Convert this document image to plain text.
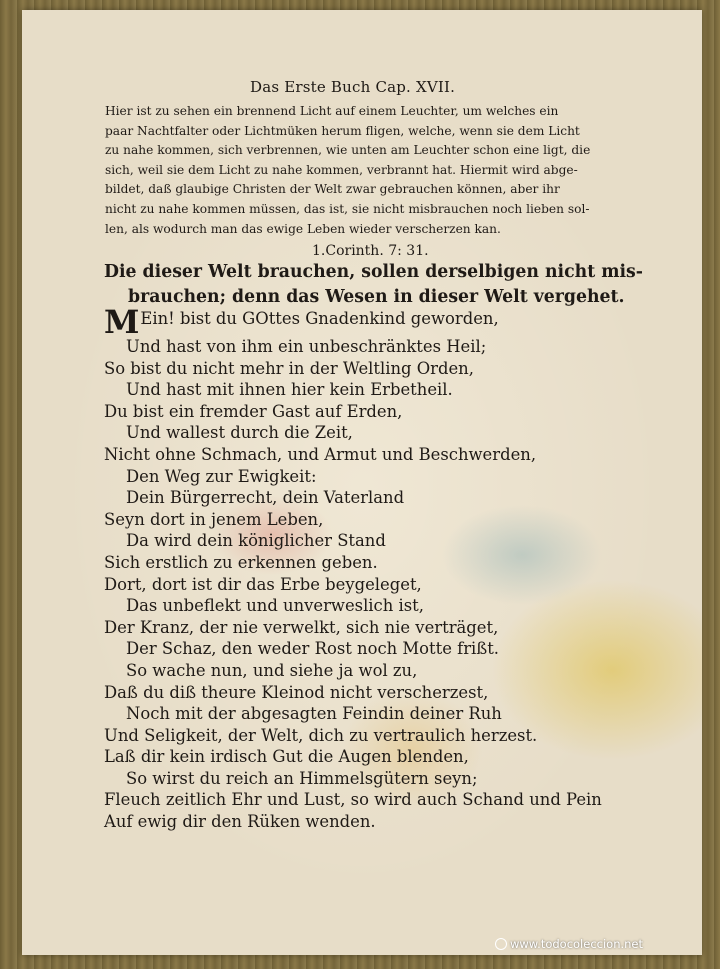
Das Erste Buch Cap. XVII.
Hier ist zu sehen ein brennend Licht auf einem Leuchter, um welches ein
paar Nachtfalter oder Lichtmüken herum fligen, welche, wenn sie dem Licht
zu nahe kommen, sich verbrennen, wie unten am Leuchter schon eine ligt, die
sich, weil sie dem Licht zu nahe kommen, verbrannt hat. Hiermit wird abge-
bildet, daß glaubige Christen der Welt zwar gebrauchen können, aber ihr
nicht zu nahe kommen müssen, das ist, sie nicht misbrauchen noch lieben sol-
len, als wodurch man das ewige Leben wieder verscherzen kan.
1.Corinth. 7: 31.
Die dieser Welt brauchen, sollen derselbigen nicht mis-
brauchen; denn das Wesen in dieser Welt vergehet.
MEin! bist du GOttes Gnadenkind geworden,
Und hast von ihm ein unbeschränktes Heil;
So bist du nicht mehr in der Weltling Orden,
Und hast mit ihnen hier kein Erbetheil.
Du bist ein fremder Gast auf Erden,
Und wallest durch die Zeit,
Nicht ohne Schmach, und Armut und Beschwerden,
Den Weg zur Ewigkeit:
Dein Bürgerrecht, dein Vaterland
Seyn dort in jenem Leben,
Da wird dein königlicher Stand
Sich erstlich zu erkennen geben.
Dort, dort ist dir das Erbe beygeleget,
Das unbeflekt und unverweslich ist,
Der Kranz, der nie verwelkt, sich nie verträget,
Der Schaz, den weder Rost noch Motte frißt.
So wache nun, und siehe ja wol zu,
Daß du diß theure Kleinod nicht verscherzest,
Noch mit der abgesagten Feindin deiner Ruh
Und Seligkeit, der Welt, dich zu vertraulich herzest.
Laß dir kein irdisch Gut die Augen blenden,
So wirst du reich an Himmelsgütern seyn;
Fleuch zeitlich Ehr und Lust, so wird auch Schand und Pein
Auf ewig dir den Rüken wenden.
www.todocoleccion.net
